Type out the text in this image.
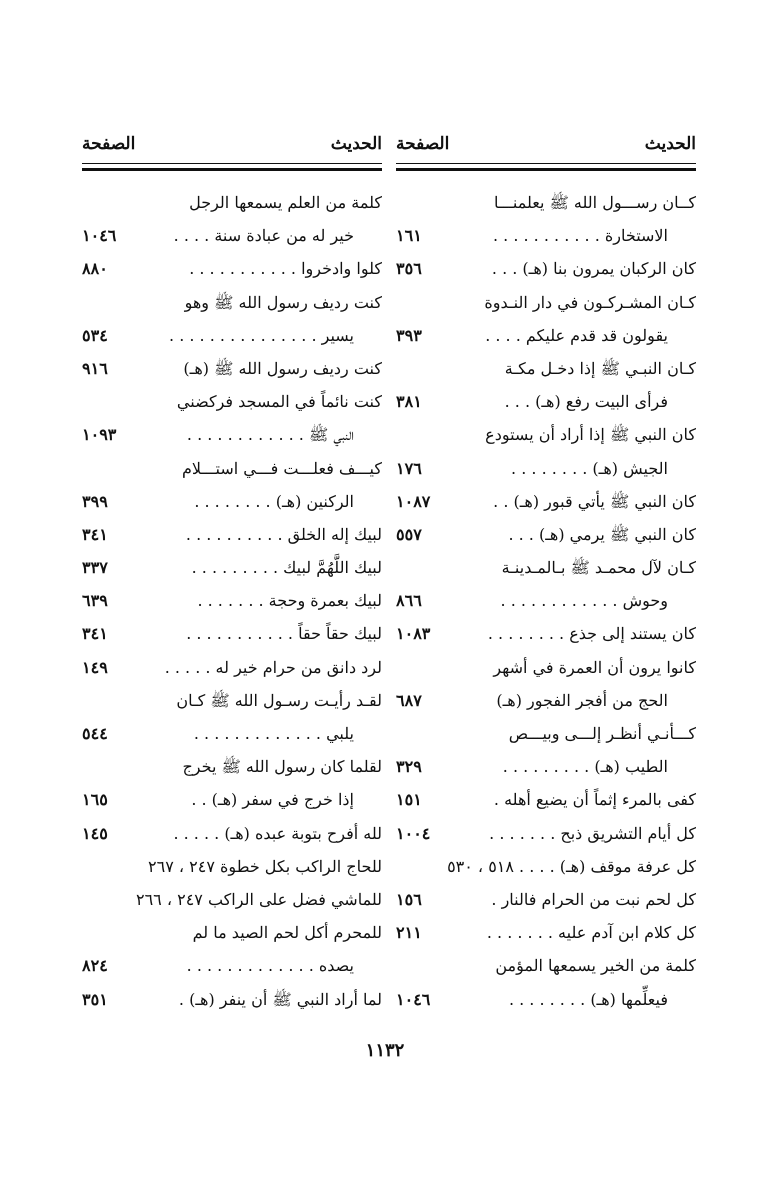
الحديث
الصفحة
كــان رســـول الله ﷺ يعلمنـــا
الاستخارة . . . . . . . . . . .
١٦١
كان الركبان يمرون بنا (هـ) . . .
٣٥٦
كـان المشـركـون في دار النـدوة
يقولون قد قدم عليكم . . . .
٣٩٣
كـان النبـي ﷺ إذا دخـل مكـة
فرأى البيت رفع (هـ) . . .
٣٨١
كان النبي ﷺ إذا أراد أن يستودع
الجيش (هـ) . . . . . . . .
١٧٦
كان النبي ﷺ يأتي قبور (هـ) . .
١٠٨٧
كان النبي ﷺ يرمي (هـ) . . .
٥٥٧
كـان لآل محمـد ﷺ بـالمـدينـة
وحوش . . . . . . . . . . . .
٨٦٦
كان يستند إلى جذع . . . . . . . .
١٠٨٣
كانوا يرون أن العمرة في أشهر
الحج من أفجر الفجور (هـ)
٦٨٧
كـــأنـي أنظـر إلـــى وبيـــص
الطيب (هـ) . . . . . . . . .
٣٢٩
كفى بالمرء إثماً أن يضيع أهله .
١٥١
كل أيام التشريق ذبح . . . . . . .
١٠٠٤
كل عرفة موقف (هـ) . . . . ٥١٨ ، ٥٣٠
كل لحم نبت من الحرام فالنار .
١٥٦
كل كلام ابن آدم عليه . . . . . . .
٢١١
كلمة من الخير يسمعها المؤمن
فيعلِّمها (هـ) . . . . . . . .
١٠٤٦
الحديث
الصفحة
كلمة من العلم يسمعها الرجل
خير له من عبادة سنة . . . .
١٠٤٦
كلوا وادخروا . . . . . . . . . . .
٨٨٠
كنت رديف رسول الله ﷺ وهو
يسير . . . . . . . . . . . . . . .
٥٣٤
كنت رديف رسول الله ﷺ (هـ)
٩١٦
كنت نائماً في المسجد فركضني
النبي ﷺ . . . . . . . . . . . .
١٠٩٣
كيـــف فعلـــت فـــي استـــلام
الركنين (هـ) . . . . . . . .
٣٩٩
لبيك إله الخلق . . . . . . . . . .
٣٤١
لبيك اللَّهُمَّ لبيك . . . . . . . . .
٣٣٧
لبيك بعمرة وحجة . . . . . . .
٦٣٩
لبيك حقاً حقاً . . . . . . . . . . .
٣٤١
لرد دانق من حرام خير له . . . . .
١٤٩
لقـد رأيـت رسـول الله ﷺ كـان
يلبي . . . . . . . . . . . . .
٥٤٤
لقلما كان رسول الله ﷺ يخرج
إذا خرج في سفر (هـ) . .
١٦٥
لله أفرح بتوبة عبده (هـ) . . . . .
١٤٥
للحاج الراكب بكل خطوة ٢٤٧ ، ٢٦٧
للماشي فضل على الراكب ٢٤٧ ، ٢٦٦
للمحرم أكل لحم الصيد ما لم
يصده . . . . . . . . . . . . .
٨٢٤
لما أراد النبي ﷺ أن ينفر (هـ) .
٣٥١
١١٣٢
